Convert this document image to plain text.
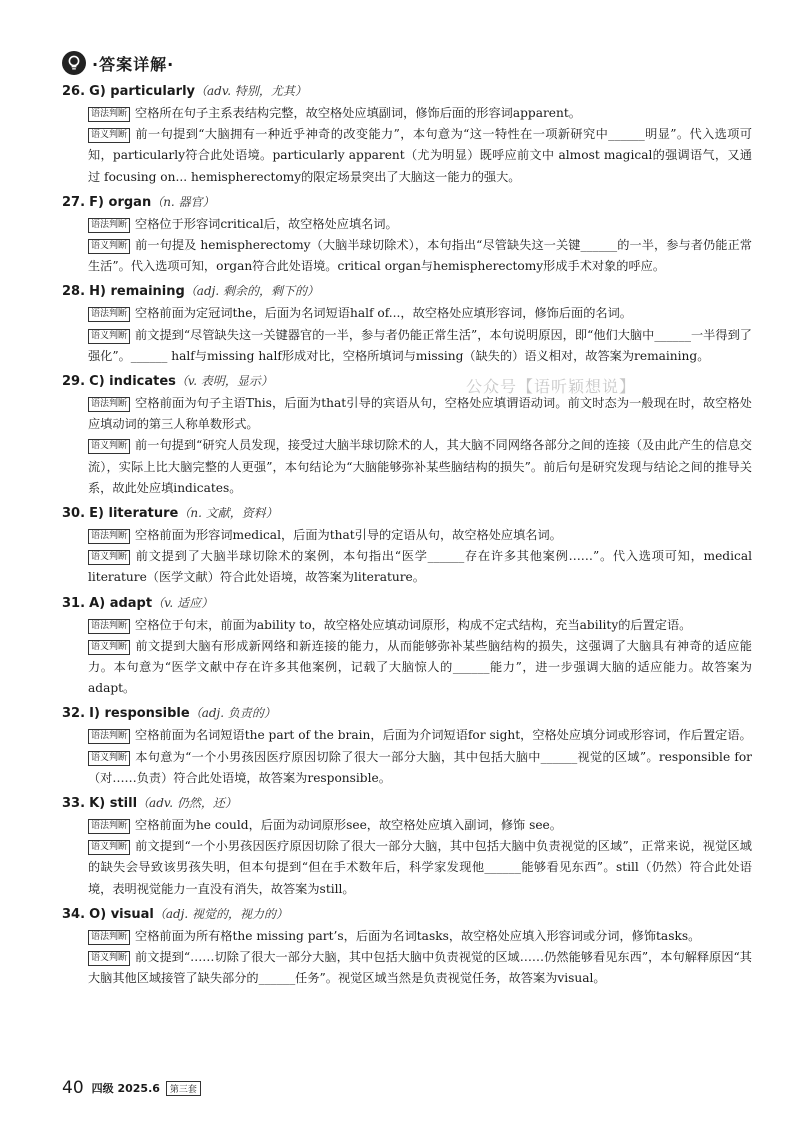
·答案详解·
26. G) particularly（adv. 特别，尤其）
语法判断 空格所在句子主系表结构完整，故空格处应填副词，修饰后面的形容词apparent。
语义判断 前一句提到“大脑拥有一种近乎神奇的改变能力”，本句意为“这一特性在一项新研究中______明显”。代入选项可知，particularly符合此处语境。particularly apparent（尤为明显）既呼应前文中 almost magical的强调语气，又通过 focusing on... hemispherectomy的限定场景突出了大脑这一能力的强大。
27. F) organ（n. 器官）
语法判断 空格位于形容词critical后，故空格处应填名词。
语义判断 前一句提及 hemispherectomy（大脑半球切除术），本句指出“尽管缺失这一关键______的一半，参与者仍能正常生活”。代入选项可知，organ符合此处语境。critical organ与hemispherectomy形成手术对象的呼应。
28. H) remaining（adj. 剩余的，剩下的）
语法判断 空格前面为定冠词the，后面为名词短语half of...，故空格处应填形容词，修饰后面的名词。
语义判断 前文提到“尽管缺失这一关键器官的一半，参与者仍能正常生活”，本句说明原因，即“他们大脑中______一半得到了强化”。______ half与missing half形成对比，空格所填词与missing（缺失的）语义相对，故答案为remaining。
29. C) indicates（v. 表明，显示）
语法判断 空格前面为句子主语This，后面为that引导的宾语从句，空格处应填谓语动词。前文时态为一般现在时，故空格处应填动词的第三人称单数形式。
语义判断 前一句提到“研究人员发现，接受过大脑半球切除术的人，其大脑不同网络各部分之间的连接（及由此产生的信息交流），实际上比大脑完整的人更强”，本句结论为“大脑能够弥补某些脑结构的损失”。前后句是研究发现与结论之间的推导关系，故此处应填indicates。
30. E) literature（n. 文献，资料）
语法判断 空格前面为形容词medical，后面为that引导的定语从句，故空格处应填名词。
语义判断 前文提到了大脑半球切除术的案例，本句指出“医学______存在许多其他案例……”。代入选项可知，medical literature（医学文献）符合此处语境，故答案为literature。
31. A) adapt（v. 适应）
语法判断 空格位于句末，前面为ability to，故空格处应填动词原形，构成不定式结构，充当ability的后置定语。
语义判断 前文提到大脑有形成新网络和新连接的能力，从而能够弥补某些脑结构的损失，这强调了大脑具有神奇的适应能力。本句意为“医学文献中存在许多其他案例，记载了大脑惊人的______能力”，进一步强调大脑的适应能力。故答案为adapt。
32. I) responsible（adj. 负责的）
语法判断 空格前面为名词短语the part of the brain，后面为介词短语for sight，空格处应填分词或形容词，作后置定语。
语义判断 本句意为“一个小男孩因医疗原因切除了很大一部分大脑，其中包括大脑中______视觉的区域”。responsible for（对……负责）符合此处语境，故答案为responsible。
33. K) still（adv. 仍然，还）
语法判断 空格前面为he could，后面为动词原形see，故空格处应填入副词，修饰 see。
语义判断 前文提到“一个小男孩因医疗原因切除了很大一部分大脑，其中包括大脑中负责视觉的区域”，正常来说，视觉区域的缺失会导致该男孩失明，但本句提到“但在手术数年后，科学家发现他______能够看见东西”。still（仍然）符合此处语境，表明视觉能力一直没有消失，故答案为still。
34. O) visual（adj. 视觉的，视力的）
语法判断 空格前面为所有格the missing part’s，后面为名词tasks，故空格处应填入形容词或分词，修饰tasks。
语义判断 前文提到“……切除了很大一部分大脑，其中包括大脑中负责视觉的区域……仍然能够看见东西”，本句解释原因“其大脑其他区域接管了缺失部分的______任务”。视觉区域当然是负责视觉任务，故答案为visual。
公众号【语听颖想说】
40 四级 2025.6	第三套
